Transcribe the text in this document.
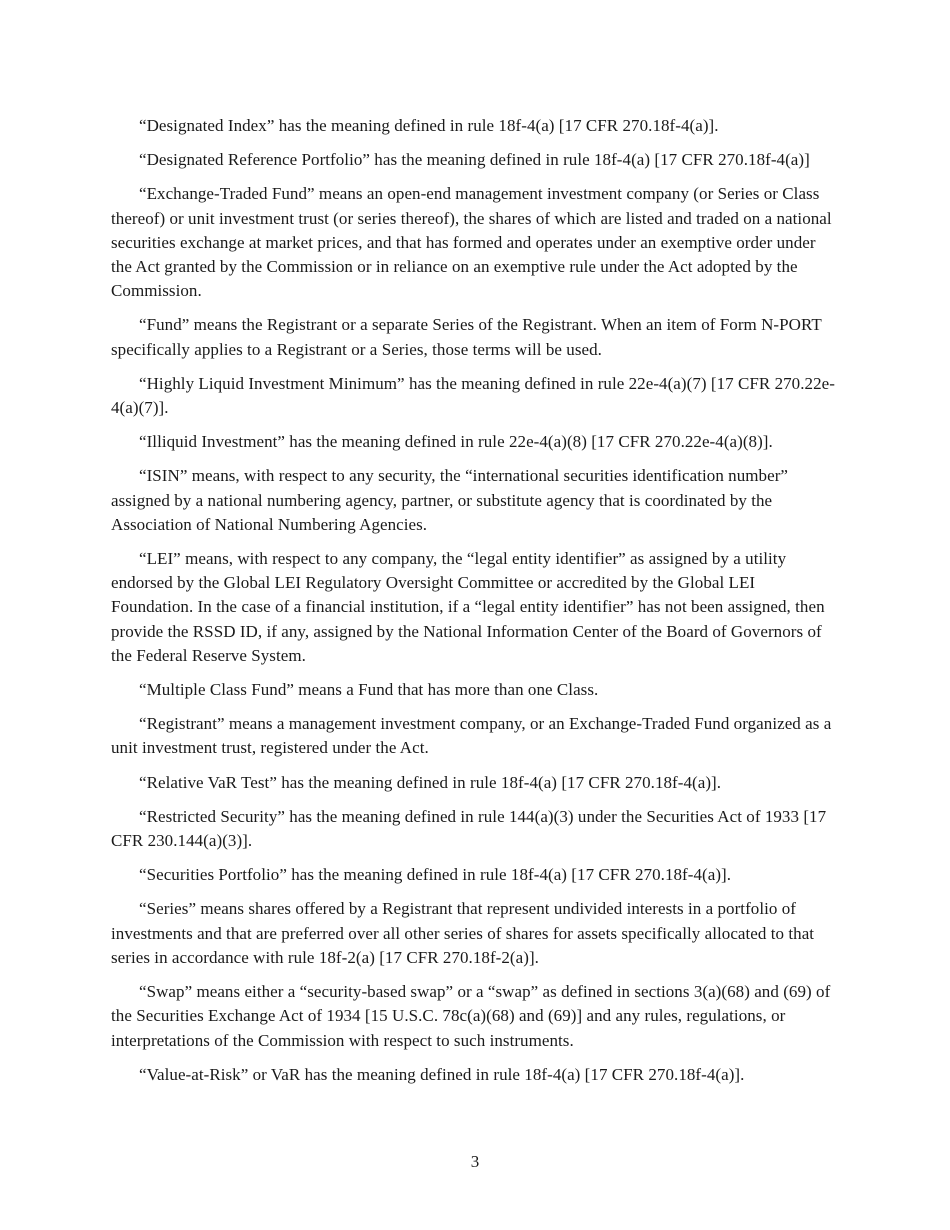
“Designated Index” has the meaning defined in rule 18f-4(a) [17 CFR 270.18f-4(a)].

“Designated Reference Portfolio” has the meaning defined in rule 18f-4(a) [17 CFR 270.18f-4(a)]

“Exchange-Traded Fund” means an open-end management investment company (or Series or Class thereof) or unit investment trust (or series thereof), the shares of which are listed and traded on a national securities exchange at market prices, and that has formed and operates under an exemptive order under the Act granted by the Commission or in reliance on an exemptive rule under the Act adopted by the Commission.

“Fund” means the Registrant or a separate Series of the Registrant. When an item of Form N-PORT specifically applies to a Registrant or a Series, those terms will be used.

“Highly Liquid Investment Minimum” has the meaning defined in rule 22e-4(a)(7) [17 CFR 270.22e-4(a)(7)].

“Illiquid Investment” has the meaning defined in rule 22e-4(a)(8) [17 CFR 270.22e-4(a)(8)].

“ISIN” means, with respect to any security, the “international securities identification number” assigned by a national numbering agency, partner, or substitute agency that is coordinated by the Association of National Numbering Agencies.

“LEI” means, with respect to any company, the “legal entity identifier” as assigned by a utility endorsed by the Global LEI Regulatory Oversight Committee or accredited by the Global LEI Foundation. In the case of a financial institution, if a “legal entity identifier” has not been assigned, then provide the RSSD ID, if any, assigned by the National Information Center of the Board of Governors of the Federal Reserve System.

“Multiple Class Fund” means a Fund that has more than one Class.

“Registrant” means a management investment company, or an Exchange-Traded Fund organized as a unit investment trust, registered under the Act.

“Relative VaR Test” has the meaning defined in rule 18f-4(a) [17 CFR 270.18f-4(a)].

“Restricted Security” has the meaning defined in rule 144(a)(3) under the Securities Act of 1933 [17 CFR 230.144(a)(3)].

“Securities Portfolio” has the meaning defined in rule 18f-4(a) [17 CFR 270.18f-4(a)].

“Series” means shares offered by a Registrant that represent undivided interests in a portfolio of investments and that are preferred over all other series of shares for assets specifically allocated to that series in accordance with rule 18f-2(a) [17 CFR 270.18f-2(a)].

“Swap” means either a “security-based swap” or a “swap” as defined in sections 3(a)(68) and (69) of the Securities Exchange Act of 1934 [15 U.S.C. 78c(a)(68) and (69)] and any rules, regulations, or interpretations of the Commission with respect to such instruments.

“Value-at-Risk” or VaR has the meaning defined in rule 18f-4(a) [17 CFR 270.18f-4(a)].

3
